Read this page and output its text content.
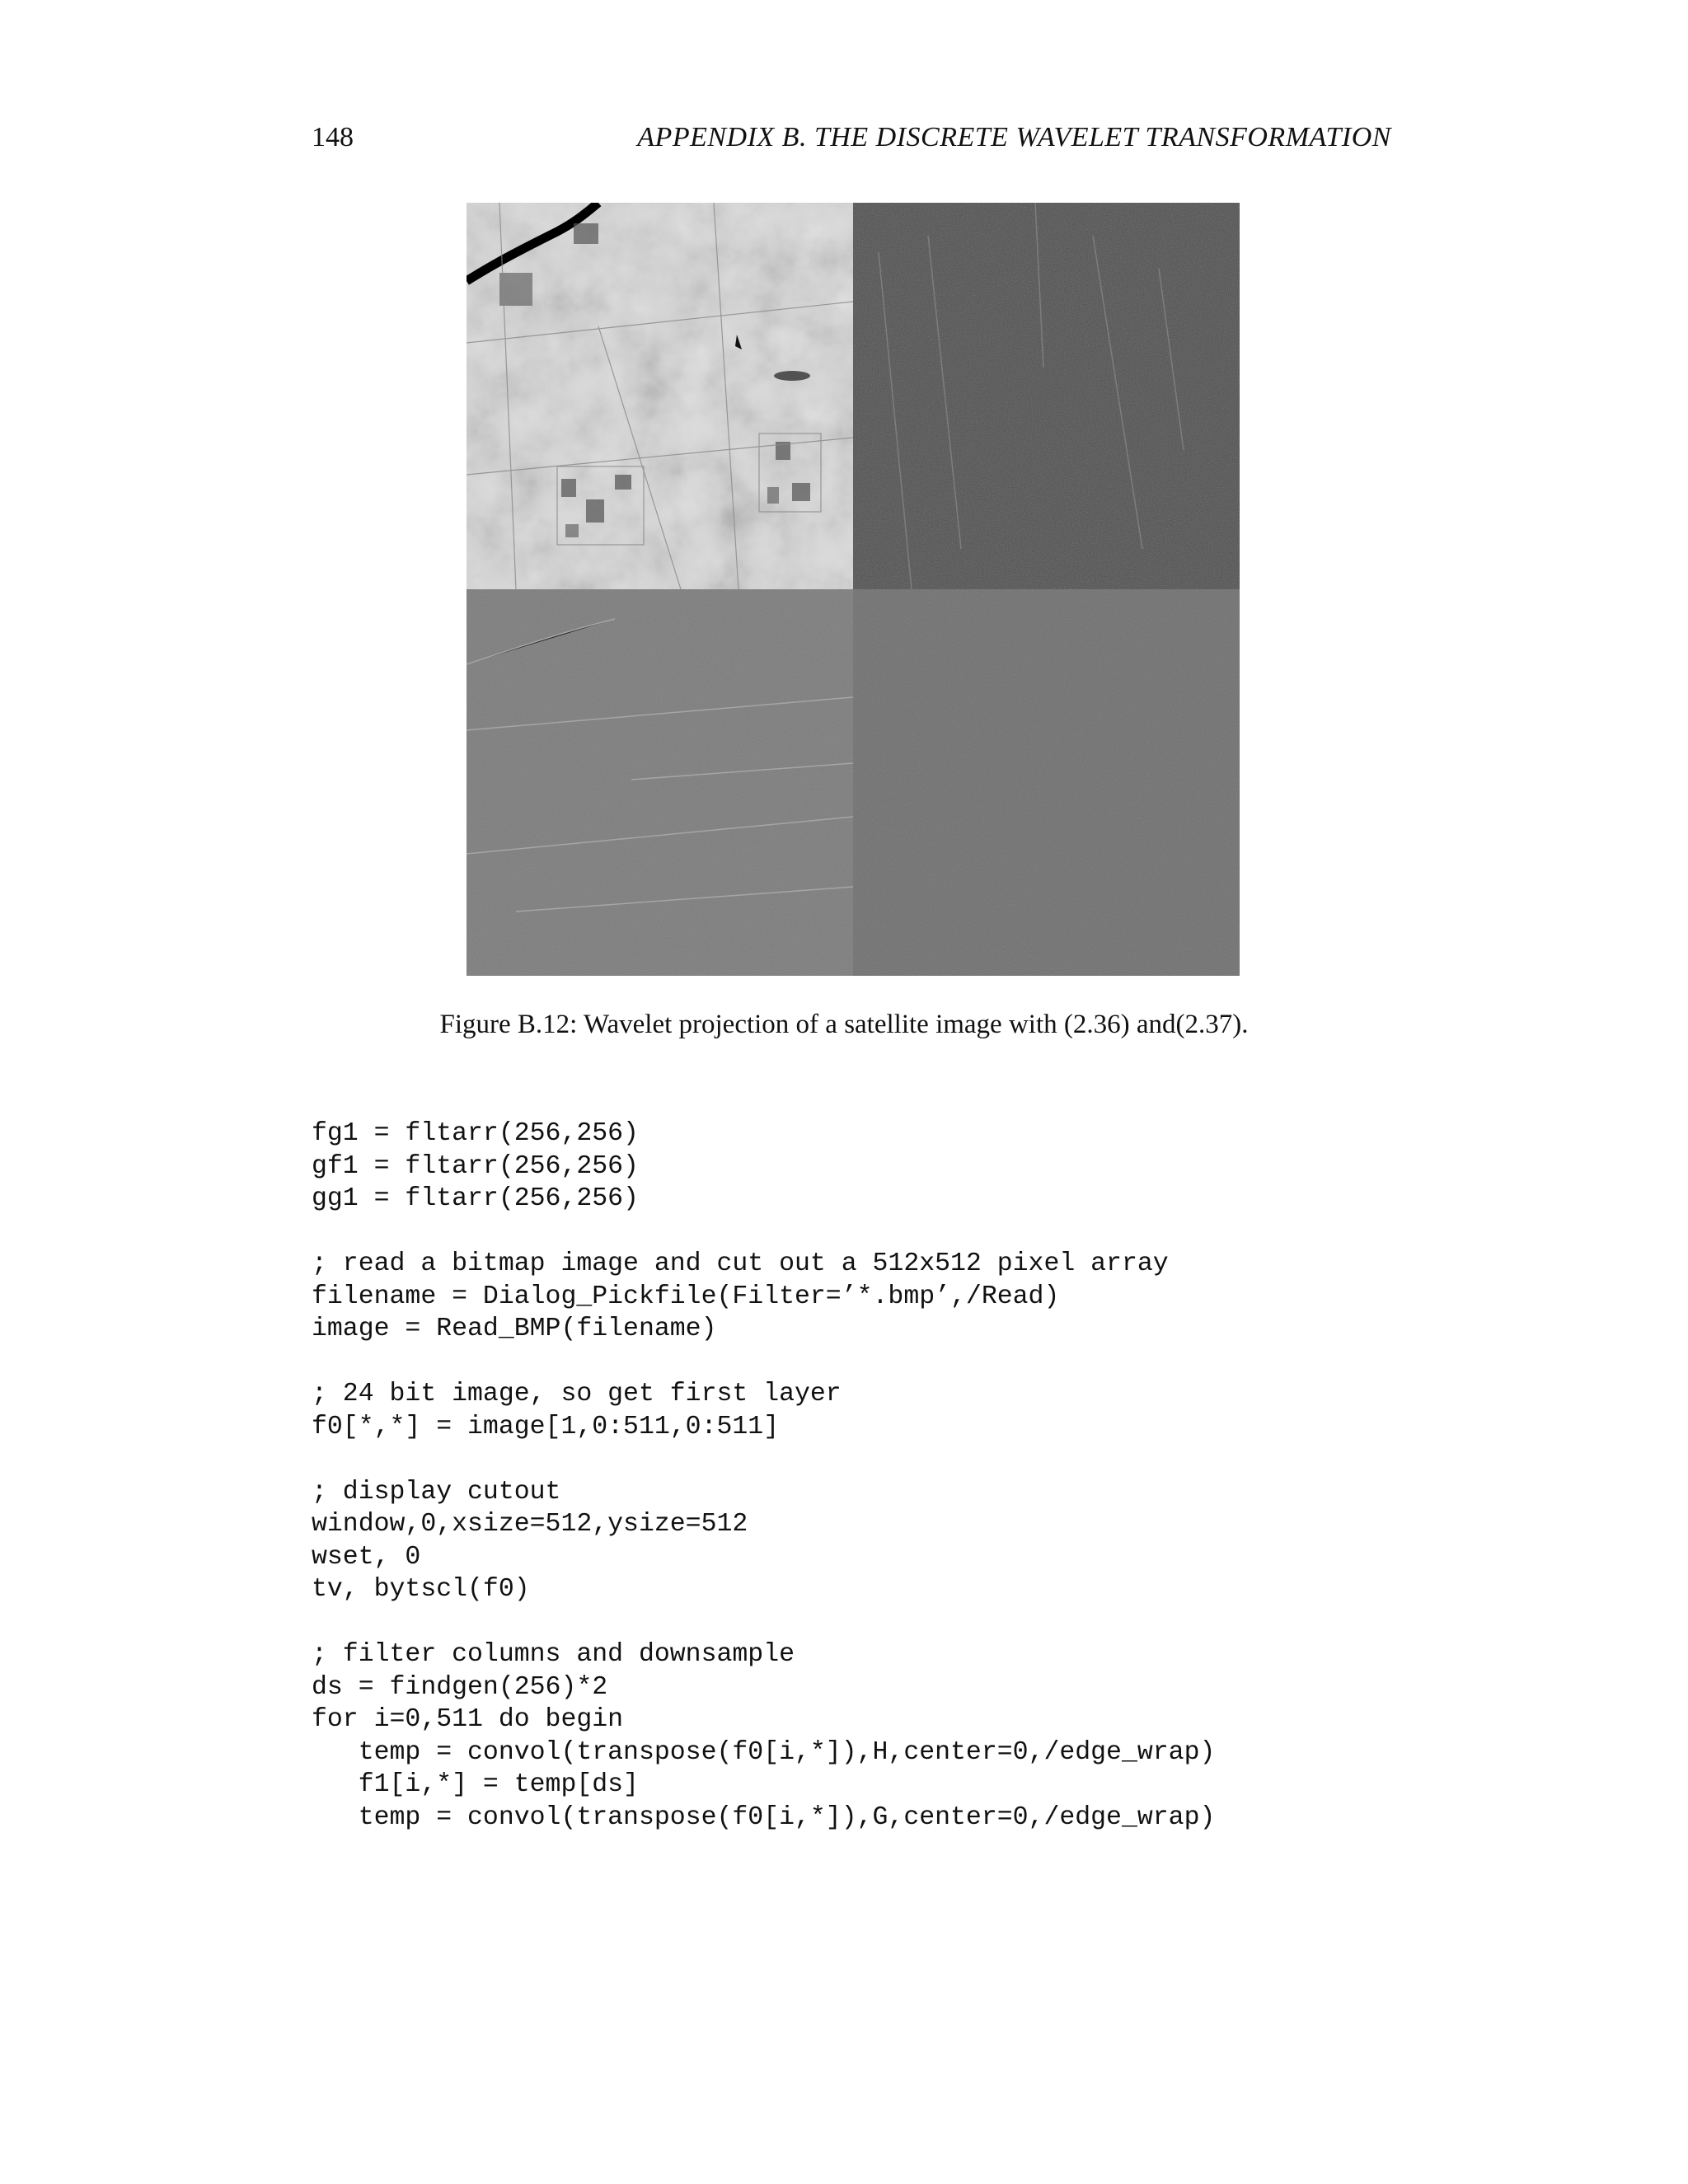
148	APPENDIX B. THE DISCRETE WAVELET TRANSFORMATION
Figure B.12: Wavelet projection of a satellite image with (2.36) and(2.37).
fg1 = fltarr(256,256)
gf1 = fltarr(256,256)
gg1 = fltarr(256,256)
; read a bitmap image and cut out a 512x512 pixel array
filename = Dialog_Pickfile(Filter=’*.bmp’,/Read)
image = Read_BMP(filename)
; 24 bit image, so get first layer
f0[*,*] = image[1,0:511,0:511]
; display cutout
window,0,xsize=512,ysize=512
wset, 0
tv, bytscl(f0)
; filter columns and downsample
ds = findgen(256)*2
for i=0,511 do begin
temp = convol(transpose(f0[i,*]),H,center=0,/edge_wrap)
f1[i,*] = temp[ds]
temp = convol(transpose(f0[i,*]),G,center=0,/edge_wrap)
